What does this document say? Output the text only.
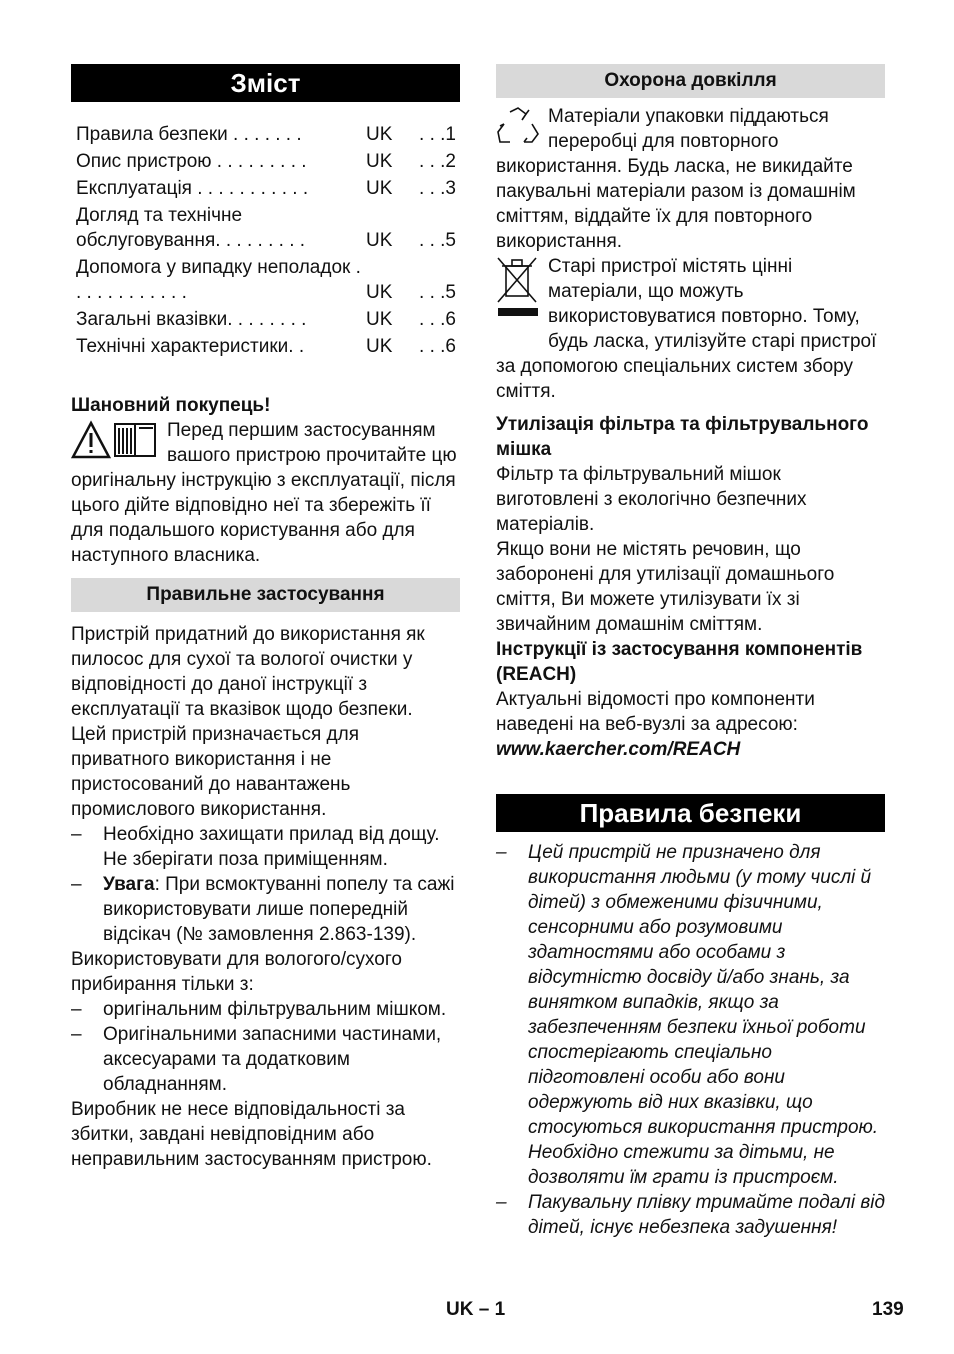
Зміст
Правила безпеки . . . . . . .	UK	. . .1
Опис пристрою . . . . . . . . .	UK	. . .2
Експлуатація . . . . . . . . . . .	UK	. . .3
Догляд та технічне обслуговування. . . . . . . . .	UK	. . .5
Допомога у випадку неполадок . . . . . . . . . . . .	UK	. . .5
Загальні вказівки. . . . . . . .	UK	. . .6
Технічні характеристики. .	UK	. . .6

Шановний покупець!

Перед першим застосуванням вашого пристрою прочитайте цю оригінальну інструкцію з експлуатації, після цього дійте відповідно неї та збережіть її для подальшого користування або для наступного власника.

Правильне застосування

Пристрій придатний до використання як пилосос для сухої та вологої очистки у відповідності до даної інструкції з експлуатації та вказівок щодо безпеки.

Цей пристрій призначається для приватного використання і не пристосований до навантажень промислового використання.

– Необхідно захищати прилад від дощу. Не зберігати поза приміщенням.

– Увага: При всмоктуванні попелу та сажі використовувати лише попередній відсікач (№ замовлення 2.863-139).

Використовувати для вологого/сухого прибирання тільки з:

– оригінальним фільтрувальним мішком.

– Оригінальними запасними частинами, аксесуарами та додатковим обладнанням.

Виробник не несе відповідальності за збитки, завдані невідповідним або неправильним застосуванням пристрою.

Охорона довкілля

Матеріали упаковки піддаються переробці для повторного використання. Будь ласка, не викидайте пакувальні матеріали разом із домашнім сміттям, віддайте їх для повторного використання.

Старі пристрої містять цінні матеріали, що можуть використовуватися повторно. Тому, будь ласка, утилізуйте старі пристрої за допомогою спеціальних систем збору сміття.

Утилізація фільтра та фільтрувального мішка

Фільтр та фільтрувальний мішок виготовлені з екологічно безпечних матеріалів.

Якщо вони не містять речовин, що заборонені для утилізації домашнього сміття, Ви можете утилізувати їх зі звичайним домашнім сміттям.

Інструкції із застосування компонентів (REACH)

Актуальні відомості про компоненти наведені на веб-вузлі за адресою:

www.kaercher.com/REACH

Правила безпеки

– Цей пристрій не призначено для використання людьми (у тому числі й дітей) з обмеженими фізичними, сенсорними або розумовими здатностями або особами з відсутністю досвіду й/або знань, за винятком випадків, якщо за забезпеченням безпеки їхньої роботи спостерігають спеціально підготовлені особи або вони одержують від них вказівки, що стосуються використання пристрою. Необхідно стежити за дітьми, не дозволяти їм грати із пристроєм.

– Пакувальну плівку тримайте подалі від дітей, існує небезпека задушення!

UK – 1	139
